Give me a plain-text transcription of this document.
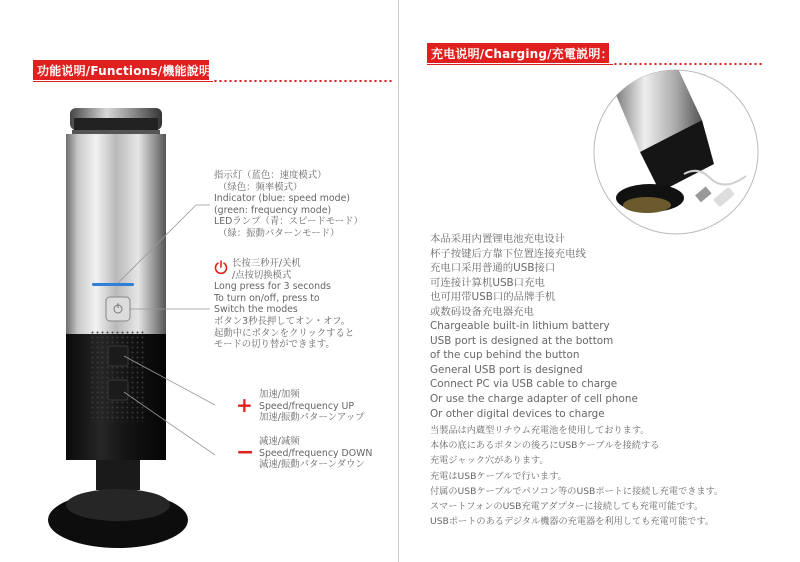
功能说明/Functions/機能說明:
指示灯（蓝色：速度模式）
（绿色：频率模式）
Indicator (blue: speed mode)
(green: frequency mode)
LEDランプ（青：スピードモード）
（緑：振動パターンモード）
长按三秒开/关机
/点按切换模式
Long press for 3 seconds
To turn on/off, press to
Switch the modes
ボタン3秒長押してオン・オフ。
起動中にボタンをクリックすると
モードの切り替ができます。
+ 加速/加频
Speed/frequency UP
加速/振動パターンアップ
− 减速/减频
Speed/frequency DOWN
減速/振動パターンダウン
充电说明/Charging/充電説明：
本品采用内置锂电池充电设计
杯子按键后方靠下位置连接充电线
充电口采用普通的USB接口
可连接计算机USB口充电
也可用带USB口的品牌手机
或数码设备充电器充电
Chargeable built-in lithium battery
USB port is designed at the bottom
of the cup behind the button
General USB port is designed
Connect PC via USB cable to charge
Or use the charge adapter of cell phone
Or other digital devices to charge
当製品は内蔵型リチウム充電池を使用しております。
本体の底にあるボタンの後ろにUSBケーブルを接続する
充電ジャック穴があります。
充電はUSBケーブルで行います。
付属のUSBケーブルでパソコン等のUSBポートに接続し充電できます。
スマートフォンのUSB充電アダプターに接続しても充電可能です。
USBポートのあるデジタル機器の充電器を利用しても充電可能です。
